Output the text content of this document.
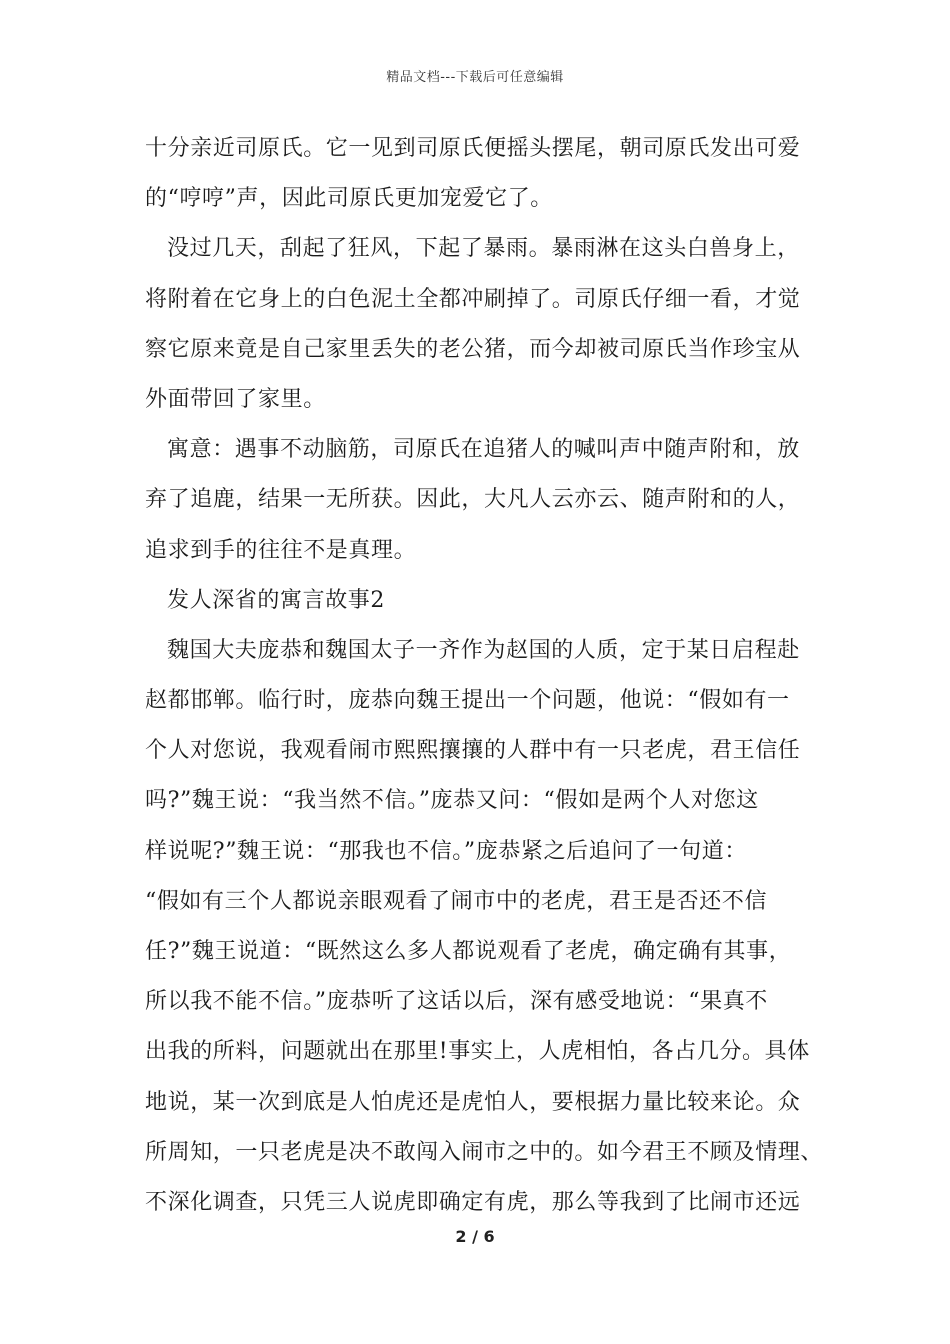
精品文档---下载后可任意编辑
十分亲近司原氏。它一见到司原氏便摇头摆尾，朝司原氏发出可爱
的“哼哼”声，因此司原氏更加宠爱它了。
没过几天，刮起了狂风，下起了暴雨。暴雨淋在这头白兽身上，
将附着在它身上的白色泥土全都冲刷掉了。司原氏仔细一看，才觉
察它原来竟是自己家里丢失的老公猪，而今却被司原氏当作珍宝从
外面带回了家里。
寓意：遇事不动脑筋，司原氏在追猪人的喊叫声中随声附和，放
弃了追鹿，结果一无所获。因此，大凡人云亦云、随声附和的人，
追求到手的往往不是真理。
发人深省的寓言故事2
魏国大夫庞恭和魏国太子一齐作为赵国的人质，定于某日启程赴
赵都邯郸。临行时，庞恭向魏王提出一个问题，他说：“假如有一
个人对您说，我观看闹市熙熙攘攘的人群中有一只老虎，君王信任
吗?”魏王说：“我当然不信。”庞恭又问：“假如是两个人对您这
样说呢?”魏王说：“那我也不信。”庞恭紧之后追问了一句道：
“假如有三个人都说亲眼观看了闹市中的老虎，君王是否还不信
任?”魏王说道：“既然这么多人都说观看了老虎，确定确有其事，
所以我不能不信。”庞恭听了这话以后，深有感受地说：“果真不
出我的所料，问题就出在那里!事实上，人虎相怕，各占几分。具体
地说，某一次到底是人怕虎还是虎怕人，要根据力量比较来论。众
所周知，一只老虎是决不敢闯入闹市之中的。如今君王不顾及情理、
不深化调查，只凭三人说虎即确定有虎，那么等我到了比闹市还远
2 / 6
